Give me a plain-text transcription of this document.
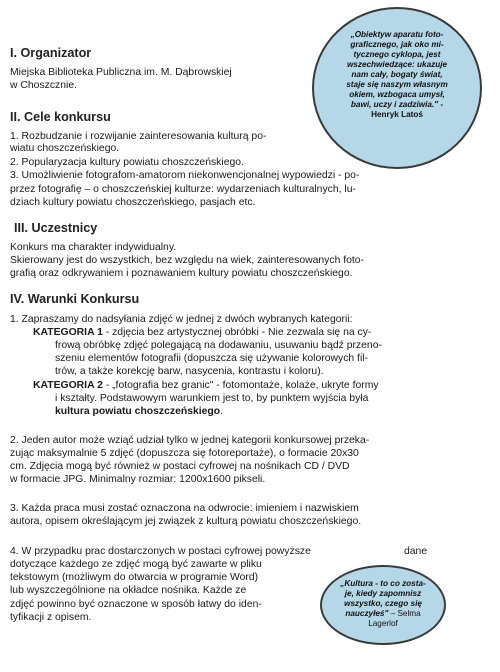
I. Organizator
Miejska Biblioteka Publiczna im. M. Dąbrowskiej
w Choszcznie.
II. Cele konkursu
1. Rozbudzanie i rozwijanie zainteresowania kulturą po-
wiatu choszczeńskiego.
2. Popularyzacja kultury powiatu choszczeńskiego.
3. Umożliwienie fotografom-amatorom niekonwencjonalnej wypowiedzi - po-
przez fotografię – o choszczeńskiej kulturze: wydarzeniach kulturalnych, lu-
dziach kultury powiatu choszczeńskiego, pasjach etc.
III. Uczestnicy
Konkurs ma charakter indywidualny.
Skierowany jest do wszystkich, bez względu na wiek, zainteresowanych foto-
grafią oraz odkrywaniem i poznawaniem kultury powiatu choszczeńskiego.
IV. Warunki Konkursu
1. Zapraszamy do nadsyłania zdjęć w jednej z dwóch wybranych kategorii:
KATEGORIA 1 - zdjęcia bez artystycznej obróbki - Nie zezwala się na cy-
frową obróbkę zdjęć polegającą na dodawaniu, usuwaniu bądź przeno-
szeniu elementów fotografii (dopuszcza się używanie kolorowych fil-
trów, a także korekcję barw, nasycenia, kontrastu i koloru).
KATEGORIA 2 - „fotografia bez granic" - fotomontaże, kolaże, ukryte formy
i kształty. Podstawowym warunkiem jest to, by punktem wyjścia była
kultura powiatu choszczeńskiego.
2. Jeden autor może wziąć udział tylko w jednej kategorii konkursowej przeka-
zując maksymalnie 5 zdjęć (dopuszcza się fotoreportaże), o formacie 20x30
cm. Zdjęcia mogą być również w postaci cyfrowej na nośnikach CD / DVD
w formacie JPG. Minimalny rozmiar: 1200x1600 pikseli.
3. Każda praca musi zostać oznaczona na odwrocie: imieniem i nazwiskiem
autora, opisem określającym jej związek z kulturą powiatu choszczeńskiego.
4. W przypadku prac dostarczonych w postaci cyfrowej powyższe	dane
dotyczące każdego ze zdjęć mogą być zawarte w pliku
tekstowym (możliwym do otwarcia w programie Word)
lub wyszczególnione na okładce nośnika. Każde ze
zdjęć powinno być oznaczone w sposób łatwy do iden-
tyfikacji z opisem.
„Obiektyw aparatu foto-
graficznego, jak oko mi-
tycznego cyklopa, jest
wszechwiedzące: ukazuje
nam cały, bogaty świat,
staje się naszym własnym
okiem, wzbogaca umysł,
bawi, uczy i zadziwia." -
Henryk Latoś
„Kultura - to co zosta-
je, kiedy zapomnisz
wszystko, czego się
nauczyłeś" – Selma
Lagerlof
